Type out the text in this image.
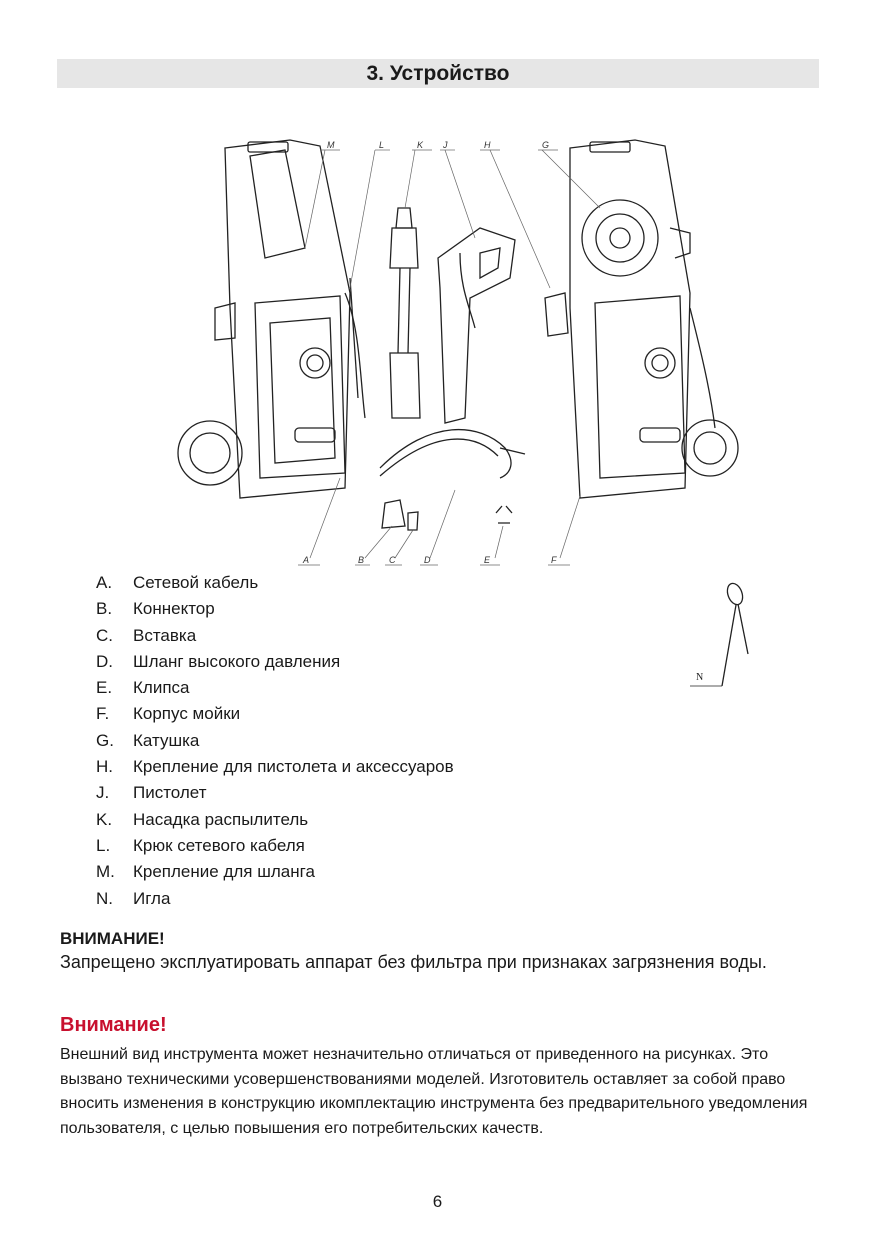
3. Устройство
M	L	K J	H	G
A	B	C	D	E	F
A. Сетевой кабель
B. Коннектор
C. Вставка
D. Шланг высокого давления
E. Клипса
F. Корпус мойки
G. Катушка
H. Крепление для пистолета и аксессуаров
J. Пистолет
K. Насадка распылитель
L. Крюк сетевого кабеля
M. Крепление для шланга
N. Игла
N
ВНИМАНИЕ!
Запрещено эксплуатировать аппарат без фильтра при признаках загрязнения воды.
Внимание!
Внешний вид инструмента может незначительно отличаться от приведенного на рисунках. Это вызвано техническими усовершенствованиями моделей. Изготовитель оставляет за собой право вносить изменения в конструкцию икомплектацию инструмента без предварительного уведомления пользователя, с целью повышения его потребительских качеств.
6
